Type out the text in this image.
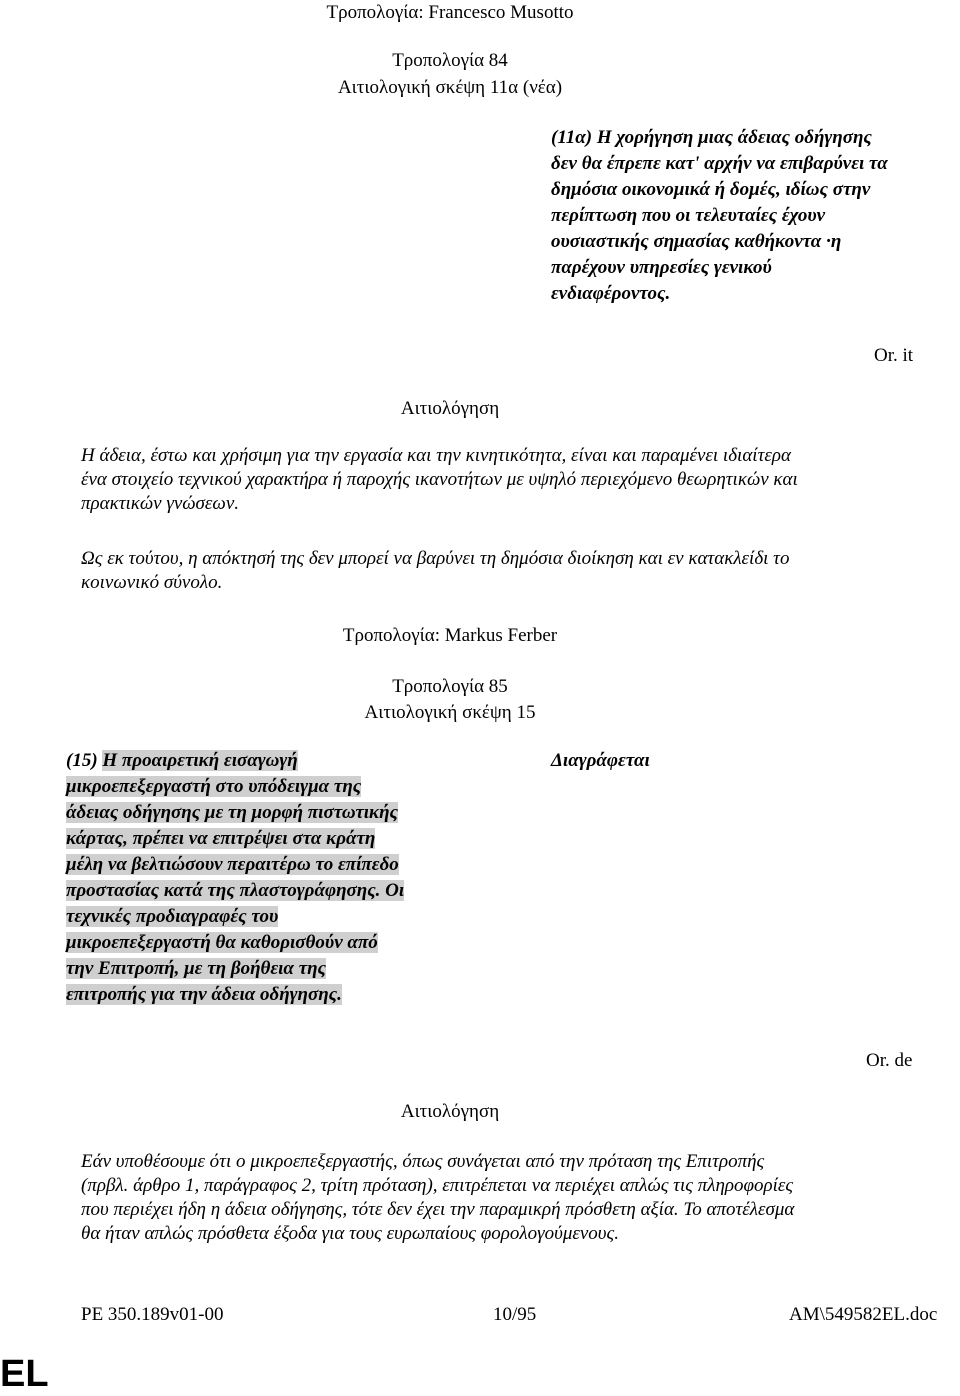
Τροπολογία: Francesco Musotto
Τροπολογία 84
Αιτιολογική σκέψη 11α (νέα)
(11α) Η χορήγηση μιας άδειας οδήγησης
δεν θα έπρεπε κατ' αρχήν να επιβαρύνει τα
δημόσια οικονομικά ή δομές, ιδίως στην
περίπτωση που οι τελευταίες έχουν
ουσιαστικής σημασίας καθήκοντα ·η
παρέχουν υπηρεσίες γενικού
ενδιαφέροντος.
Or. it
Αιτιολόγηση
Η άδεια, έστω και χρήσιμη για την εργασία και την κινητικότητα, είναι και παραμένει ιδιαίτερα
ένα στοιχείο τεχνικού χαρακτήρα ή παροχής ικανοτήτων με υψηλό περιεχόμενο θεωρητικών και
πρακτικών γνώσεων.
Ως εκ τούτου, η απόκτησή της δεν μπορεί να βαρύνει τη δημόσια διοίκηση και εν κατακλείδι το
κοινωνικό σύνολο.
Τροπολογία: Markus Ferber
Τροπολογία 85
Αιτιολογική σκέψη 15
(15) Η προαιρετική εισαγωγή
μικροεπεξεργαστή στο υπόδειγμα της
άδειας οδήγησης με τη μορφή πιστωτικής
κάρτας, πρέπει να επιτρέψει στα κράτη
μέλη να βελτιώσουν περαιτέρω το επίπεδο
προστασίας κατά της πλαστογράφησης. Οι
τεχνικές προδιαγραφές του
μικροεπεξεργαστή θα καθορισθούν από
την Επιτροπή, με τη βοήθεια της
επιτροπής για την άδεια οδήγησης.
Διαγράφεται
Or. de
Αιτιολόγηση
Εάν υποθέσουμε ότι ο μικροεπεξεργαστής, όπως συνάγεται από την πρόταση της Επιτροπής
(πρβλ. άρθρο 1, παράγραφος 2, τρίτη πρόταση), επιτρέπεται να περιέχει απλώς τις πληροφορίες
που περιέχει ήδη η άδεια οδήγησης, τότε δεν έχει την παραμικρή πρόσθετη αξία. Το αποτέλεσμα
θα ήταν απλώς πρόσθετα έξοδα για τους ευρωπαίους φορολογούμενους.
PE 350.189v01-00	10/95	AM\549582EL.doc
EL
